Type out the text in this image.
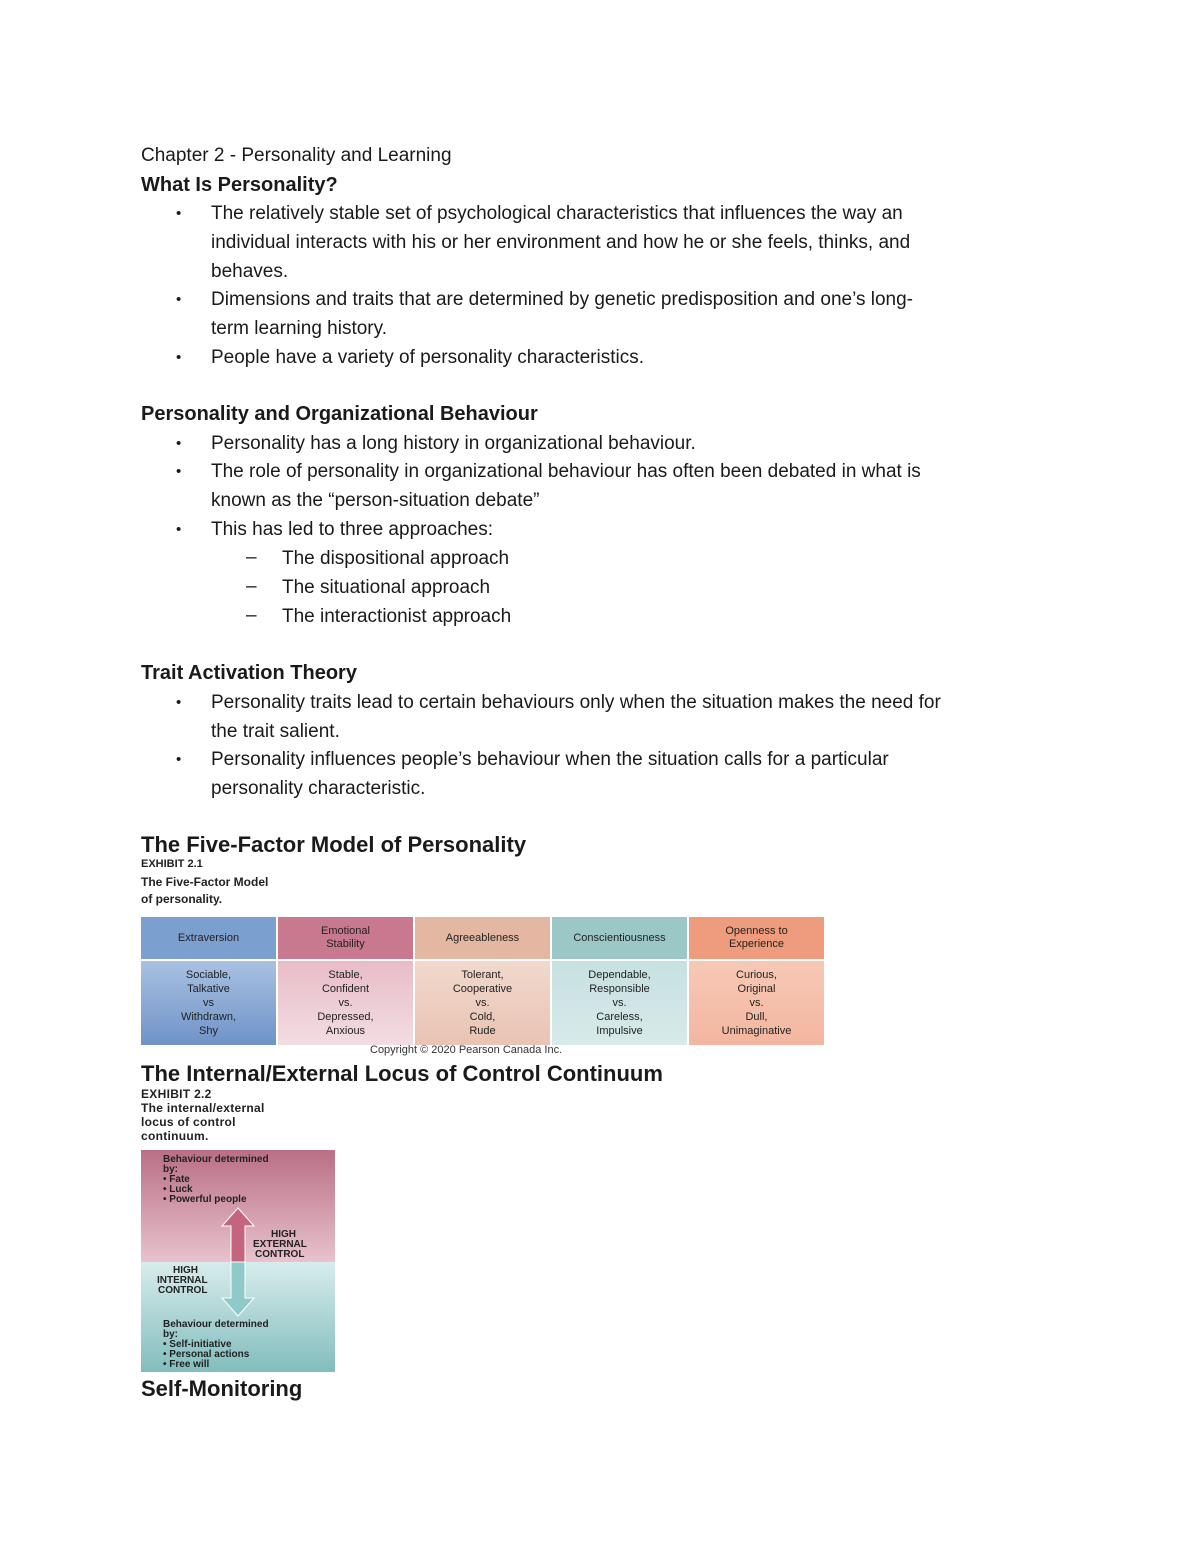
Chapter 2 - Personality and Learning
What Is Personality?
• The relatively stable set of psychological characteristics that influences the way an
individual interacts with his or her environment and how he or she feels, thinks, and
behaves.
• Dimensions and traits that are determined by genetic predisposition and one’s long-
term learning history.
• People have a variety of personality characteristics.
Personality and Organizational Behaviour
• Personality has a long history in organizational behaviour.
• The role of personality in organizational behaviour has often been debated in what is
known as the “person-situation debate”
• This has led to three approaches:
– The dispositional approach
– The situational approach
– The interactionist approach
Trait Activation Theory
• Personality traits lead to certain behaviours only when the situation makes the need for
the trait salient.
• Personality influences people’s behaviour when the situation calls for a particular
personality characteristic.
The Five-Factor Model of Personality
EXHIBIT 2.1
The Five-Factor Model
of personality.
Extraversion
Sociable,
Talkative
vs
Withdrawn,
Shy
Emotional
Stability
Stable,
Confident
vs.
Depressed,
Anxious
Agreeableness
Tolerant,
Cooperative
vs.
Cold,
Rude
Conscientiousness
Dependable,
Responsible
vs.
Careless,
Impulsive
Openness to
Experience
Curious,
Original
vs.
Dull,
Unimaginative
Copyright © 2020 Pearson Canada Inc.
The Internal/External Locus of Control Continuum
EXHIBIT 2.2
The internal/external
locus of control
continuum.
Behaviour determined
by:
• Fate
• Luck
• Powerful people
HIGH
EXTERNAL
CONTROL
HIGH
INTERNAL
CONTROL
Behaviour determined
by:
• Self-initiative
• Personal actions
• Free will
Self-Monitoring
